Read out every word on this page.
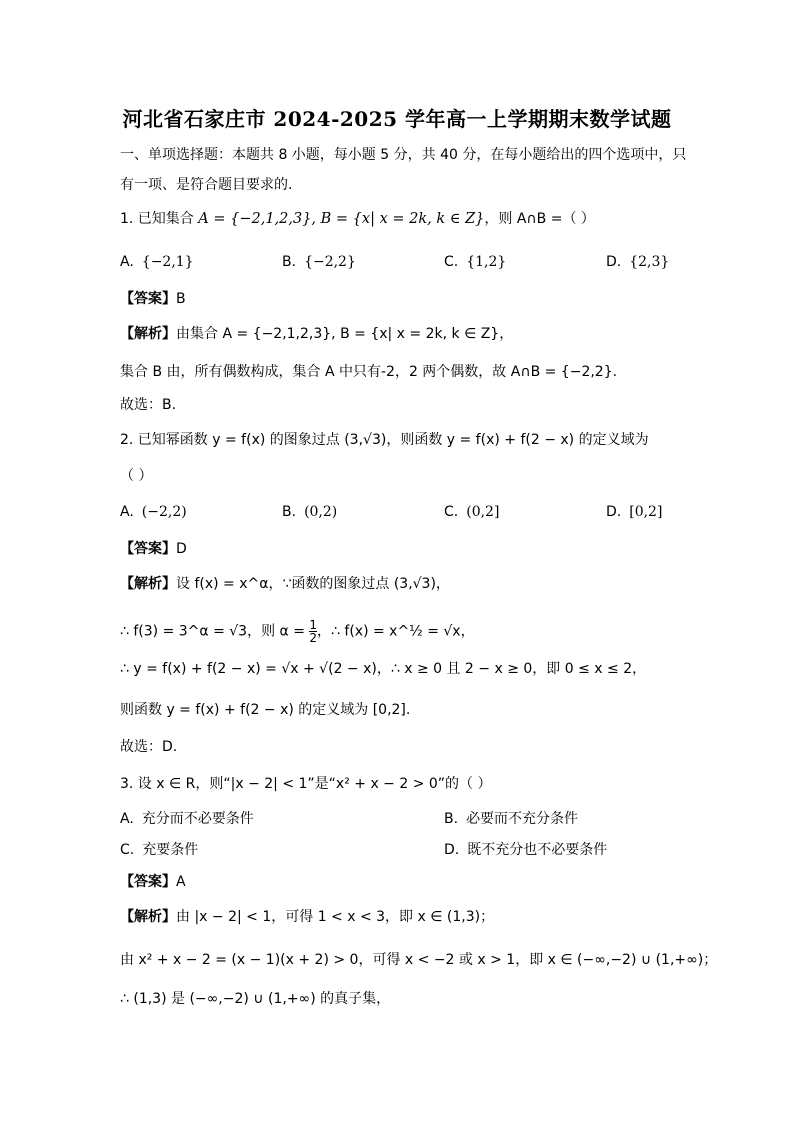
河北省石家庄市 2024-2025 学年高一上学期期末数学试题
一、单项选择题：本题共 8 小题，每小题 5 分，共 40 分，在每小题给出的四个选项中，只
有一项、是符合题目要求的.
1. 已知集合 A = {−2,1,2,3}, B = {x| x = 2k, k ∈ Z}，则 A∩B =（ ）
A. {−2,1}	B. {−2,2}	C. {1,2}	D. {2,3}
【答案】B
【解析】由集合 A = {−2,1,2,3}, B = {x| x = 2k, k ∈ Z}，
集合 B 由，所有偶数构成，集合 A 中只有-2，2 两个偶数，故 A∩B = {−2,2}.
故选：B.
2. 已知幂函数 y = f(x) 的图象过点 (3,√3)，则函数 y = f(x) + f(2 − x) 的定义域为
（ ）
A. (−2,2)	B. (0,2)	C. (0,2]	D. [0,2]
【答案】D
【解析】设 f(x) = x^α，∵函数的图象过点 (3,√3)，
∴ f(3) = 3^α = √3，则 $\alpha = \frac{1}{2}$ ，∴ f(x) = x^½ = √x，
∴ y = f(x) + f(2 − x) = √x + √(2 − x)，∴ x ≥ 0 且 2 − x ≥ 0，即 0 ≤ x ≤ 2，
则函数 y = f(x) + f(2 − x) 的定义域为 [0,2].
故选：D.
3. 设 x ∈ R，则“|x − 2| < 1”是“x² + x − 2 > 0”的（ ）
A. 充分而不必要条件	B. 必要而不充分条件
C. 充要条件	D. 既不充分也不必要条件
【答案】A
【解析】由 |x − 2| < 1，可得 1 < x < 3，即 x ∈ (1,3)；
由 x² + x − 2 = (x − 1)(x + 2) > 0，可得 x < −2 或 x > 1，即 x ∈ (−∞,−2) ∪ (1,+∞)；
∴ (1,3) 是 (−∞,−2) ∪ (1,+∞) 的真子集，
